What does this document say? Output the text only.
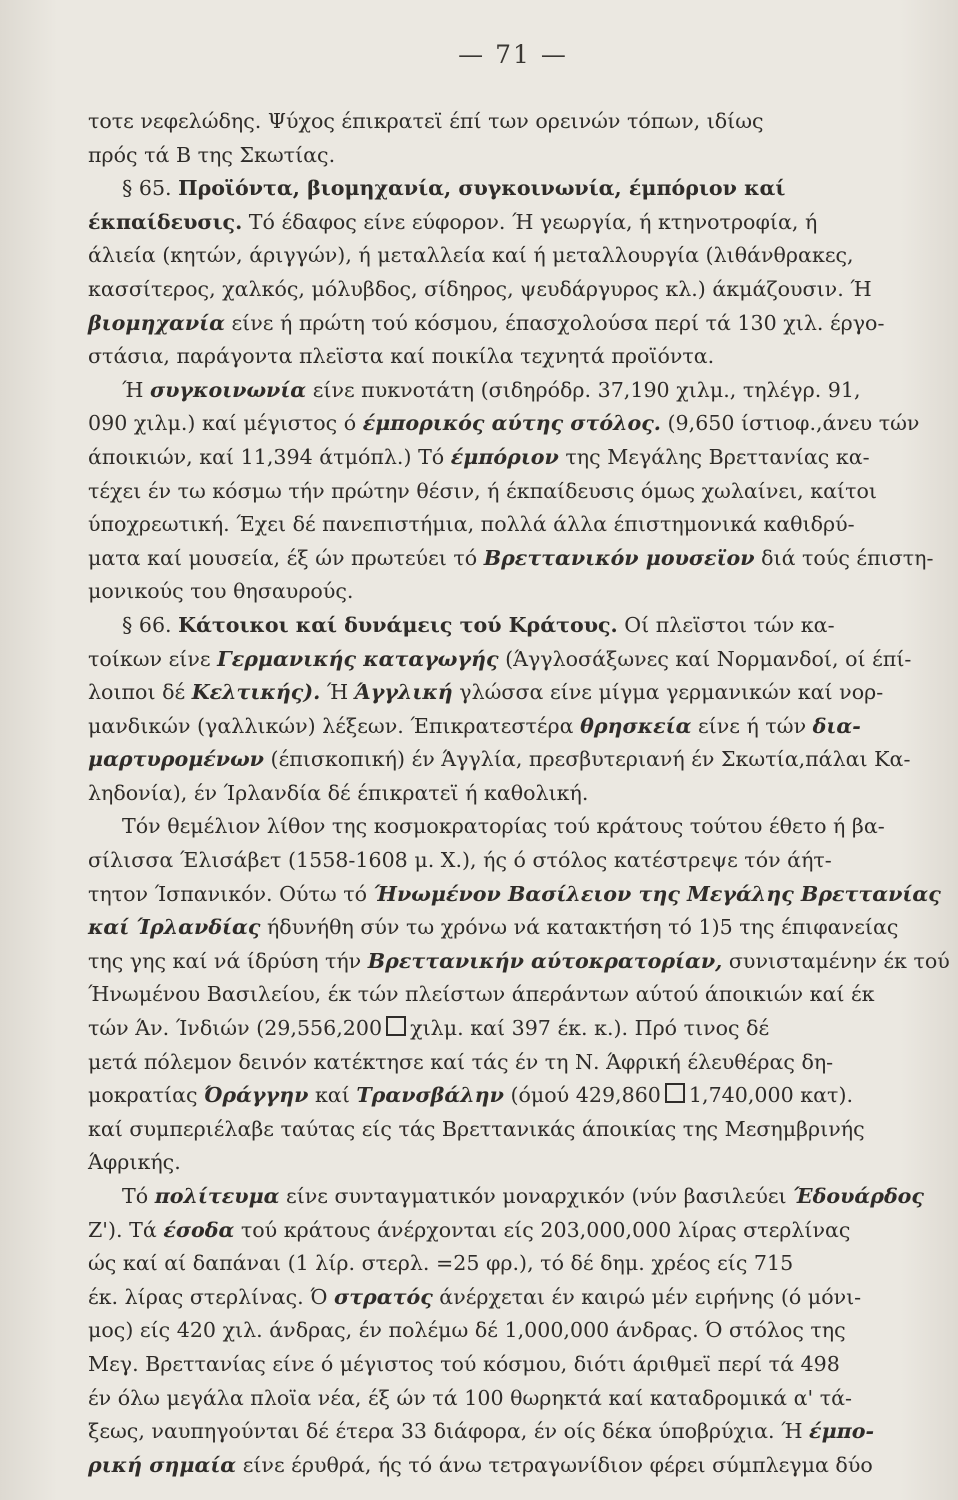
— 71 —
τοτε νεφελώδης. Ψύχος έπικρατεϊ έπί των ορεινών τόπων, ιδίως
πρός τά Β της Σκωτίας.
§ 65. Προϊόντα, βιομηχανία, συγκοινωνία, έμπόριον καί
έκπαίδευσις. Τό έδαφος είνε εύφορον. Ή γεωργία, ή κτηνοτροφία, ή
άλιεία (κητών, άριγγών), ή μεταλλεία καί ή μεταλλουργία (λιθάνθρακες,
κασσίτερος, χαλκός, μόλυβδος, σίδηρος, ψευδάργυρος κλ.) άκμάζουσιν. Ή
βιομηχανία είνε ή πρώτη τού κόσμου, έπασχολούσα περί τά 130 χιλ. έργο-
στάσια, παράγοντα πλεϊστα καί ποικίλα τεχνητά προϊόντα.
Ή συγκοινωνία είνε πυκνοτάτη (σιδηρόδρ. 37,190 χιλμ., τηλέγρ. 91,
090 χιλμ.) καί μέγιστος ό έμπορικός αύτης στόλος. (9,650 ίστιοφ.,άνευ τών
άποικιών, καί 11,394 άτμόπλ.) Τό έμπόριον της Μεγάλης Βρεττανίας κα-
τέχει έν τω κόσμω τήν πρώτην θέσιν, ή έκπαίδευσις όμως χωλαίνει, καίτοι
ύποχρεωτική. Έχει δέ πανεπιστήμια, πολλά άλλα έπιστημονικά καθιδρύ-
ματα καί μουσεία, έξ ών πρωτεύει τό Βρεττανικόν μουσεϊον διά τούς έπιστη-
μονικούς του θησαυρούς.
§ 66. Κάτοικοι καί δυνάμεις τού Κράτους. Οί πλεϊστοι τών κα-
τοίκων είνε Γερμανικής καταγωγής (Άγγλοσάξωνες καί Νορμανδοί, οί έπί-
λοιποι δέ Κελτικής). Ή Άγγλική γλώσσα είνε μίγμα γερμανικών καί νορ-
μανδικών (γαλλικών) λέξεων. Έπικρατεστέρα θρησκεία είνε ή τών δια-
μαρτυρομένων (έπισκοπική) έν Άγγλία, πρεσβυτεριανή έν Σκωτία,πάλαι Κα-
ληδονία), έν Ίρλανδία δέ έπικρατεϊ ή καθολική.
Τόν θεμέλιον λίθον της κοσμοκρατορίας τού κράτους τούτου έθετο ή βα-
σίλισσα Έλισάβετ (1558-1608 μ. Χ.), ής ό στόλος κατέστρεψε τόν άήτ-
τητον Ίσπανικόν. Ούτω τό Ήνωμένον Βασίλειον της Μεγάλης Βρεττανίας
καί Ίρλανδίας ήδυνήθη σύν τω χρόνω νά κατακτήση τό 1)5 της έπιφανείας
της γης καί νά ίδρύση τήν Βρεττανικήν αύτοκρατορίαν, συνισταμένην έκ τού
Ήνωμένου Βασιλείου, έκ τών πλείστων άπεράντων αύτού άποικιών καί έκ
τών Άν. Ίνδιών (29,556,200 χιλμ. καί 397 έκ. κ.). Πρό τινος δέ
μετά πόλεμον δεινόν κατέκτησε καί τάς έν τη Ν. Άφρική έλευθέρας δη-
μοκρατίας Όράγγην καί Τρανσβάλην (όμού 429,860 1,740,000 κατ).
καί συμπεριέλαβε ταύτας είς τάς Βρεττανικάς άποικίας της Μεσημβρινής
Άφρικής.
Τό πολίτευμα είνε συνταγματικόν μοναρχικόν (νύν βασιλεύει Έδουάρδος
Ζ'). Τά έσοδα τού κράτους άνέρχονται είς 203,000,000 λίρας στερλίνας
ώς καί αί δαπάναι (1 λίρ. στερλ. =25 φρ.), τό δέ δημ. χρέος είς 715
έκ. λίρας στερλίνας. Ό στρατός άνέρχεται έν καιρώ μέν ειρήνης (ό μόνι-
μος) είς 420 χιλ. άνδρας, έν πολέμω δέ 1,000,000 άνδρας. Ό στόλος της
Μεγ. Βρεττανίας είνε ό μέγιστος τού κόσμου, διότι άριθμεϊ περί τά 498
έν όλω μεγάλα πλοϊα νέα, έξ ών τά 100 θωρηκτά καί καταδρομικά α' τά-
ξεως, ναυπηγούνται δέ έτερα 33 διάφορα, έν οίς δέκα ύποβρύχια. Ή έμπο-
ρική σημαία είνε έρυθρά, ής τό άνω τετραγωνίδιον φέρει σύμπλεγμα δύο
